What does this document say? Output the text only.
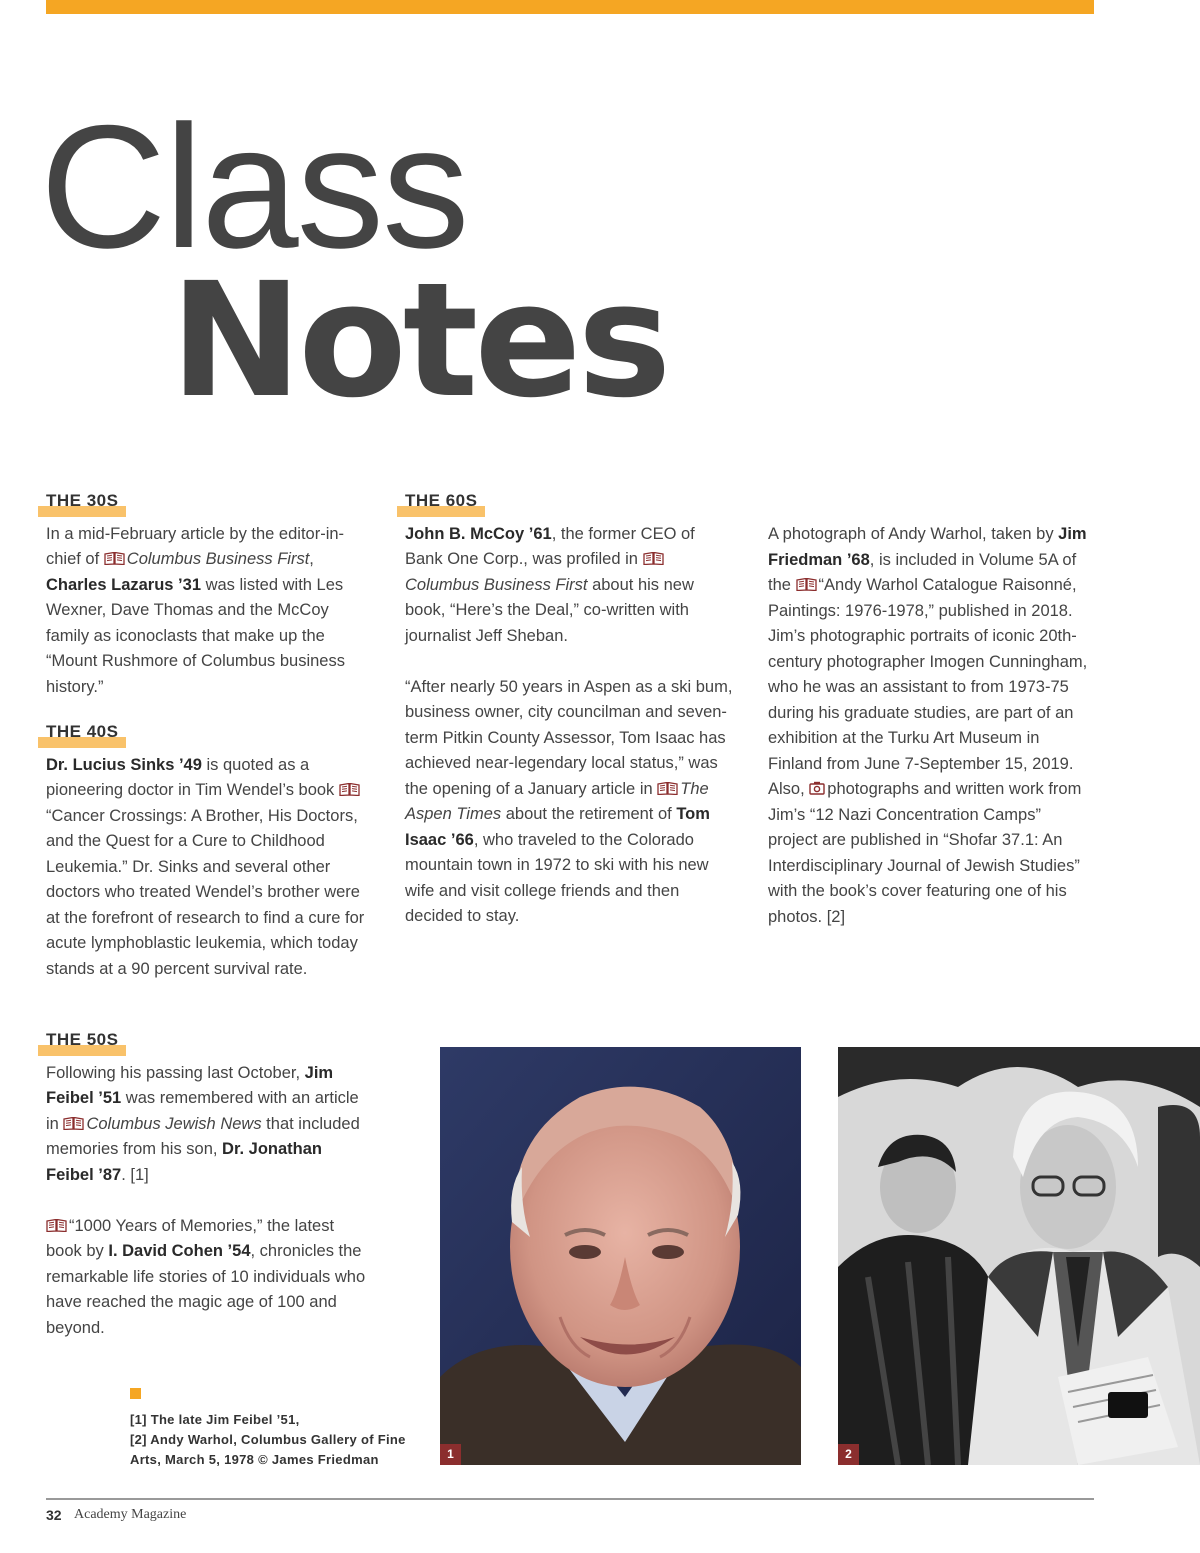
Class
Notes
THE 30S

In a mid-February article by the editor-in-chief of
Columbus Business First, Charles Lazarus ’31 was listed with Les Wexner, Dave Thomas and the McCoy family as iconoclasts that make up the “Mount Rushmore of Columbus business history.”

THE 40S

Dr. Lucius Sinks ’49 is quoted as a pioneering doctor in Tim Wendel’s book
“Cancer Crossings: A Brother, His Doctors, and the Quest for a Cure to Childhood Leukemia.” Dr. Sinks and several other doctors who treated Wendel’s brother were at the forefront of research to find a cure for acute lymphoblastic leukemia, which today stands at a 90 percent survival rate.

THE 50S

Following his passing last October, Jim Feibel ’51 was remembered with an article in
Columbus Jewish News that included memories from his son, Dr. Jonathan Feibel ’87. [1]

“1000 Years of Memories,” the latest book by I. David Cohen ’54, chronicles the remarkable life stories of 10 individuals who have reached the magic age of 100 and beyond.

THE 60S

John B. McCoy ’61, the former CEO of Bank One Corp., was profiled in
Columbus Business First about his new book, “Here’s the Deal,” co-written with journalist Jeff Sheban.

“After nearly 50 years in Aspen as a ski bum, business owner, city councilman and seven-term Pitkin County Assessor, Tom Isaac has achieved near-legendary local status,” was the opening of a January article in
The Aspen Times about the retirement of Tom Isaac ’66, who traveled to the Colorado mountain town in 1972 to ski with his new wife and visit college friends and then decided to stay.

A photograph of Andy Warhol, taken by Jim Friedman ’68, is included in Volume 5A of the
“Andy Warhol Catalogue Raisonné, Paintings: 1976-1978,” published in 2018. Jim’s photographic portraits of iconic 20th-century photographer Imogen Cunningham, who he was an assistant to from 1973-75 during his graduate studies, are part of an exhibition at the Turku Art Museum in Finland from June 7-September 15, 2019. Also,
photographs and written work from Jim’s “12 Nazi Concentration Camps” project are published in “Shofar 37.1: An Interdisciplinary Journal of Jewish Studies” with the book’s cover featuring one of his photos. [2]

1	2
[1] The late Jim Feibel ’51,
[2] Andy Warhol, Columbus Gallery of Fine
Arts, March 5, 1978 © James Friedman
32 Academy Magazine
